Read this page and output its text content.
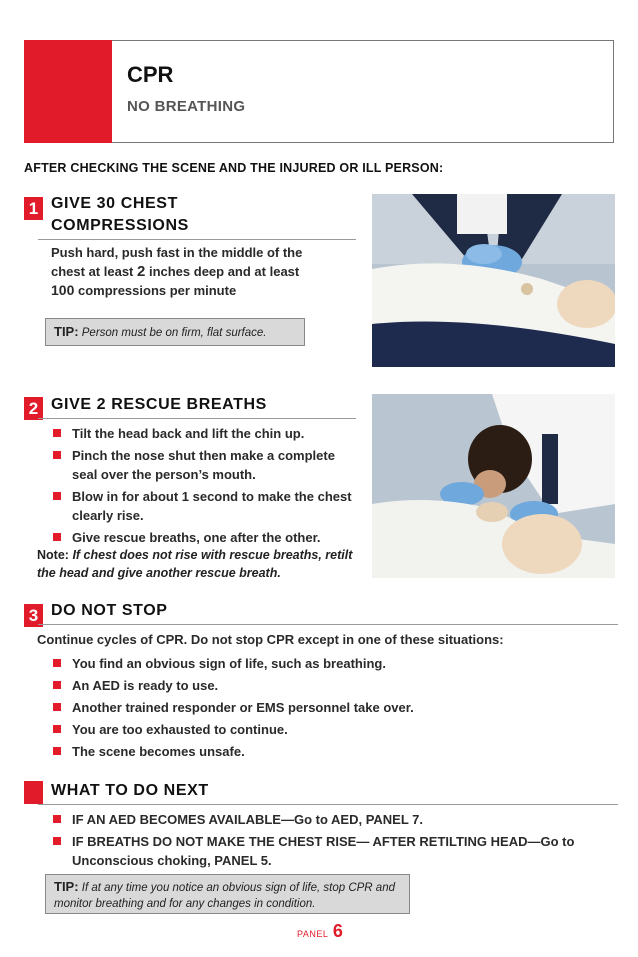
CPR
NO BREATHING
AFTER CHECKING THE SCENE AND THE INJURED OR ILL PERSON:
1 GIVE 30 CHEST
COMPRESSIONS
Push hard, push fast in the middle of the
chest at least 2 inches deep and at least
100 compressions per minute
TIP: Person must be on firm, flat surface.
2 GIVE 2 RESCUE BREATHS
Tilt the head back and lift the chin up.
Pinch the nose shut then make a complete seal over the person’s mouth.
Blow in for about 1 second to make the chest clearly rise.
Give rescue breaths, one after the other.
Note: If chest does not rise with rescue breaths, retilt the head and give another rescue breath.
3 DO NOT STOP
Continue cycles of CPR. Do not stop CPR except in one of these situations:
You find an obvious sign of life, such as breathing.
An AED is ready to use.
Another trained responder or EMS personnel take over.
You are too exhausted to continue.
The scene becomes unsafe.
WHAT TO DO NEXT
IF AN AED BECOMES AVAILABLE—Go to AED, PANEL 7.
IF BREATHS DO NOT MAKE THE CHEST RISE— AFTER RETILTING HEAD—Go to Unconscious choking, PANEL 5.
TIP: If at any time you notice an obvious sign of life, stop CPR and monitor breathing and for any changes in condition.
PANEL 6
